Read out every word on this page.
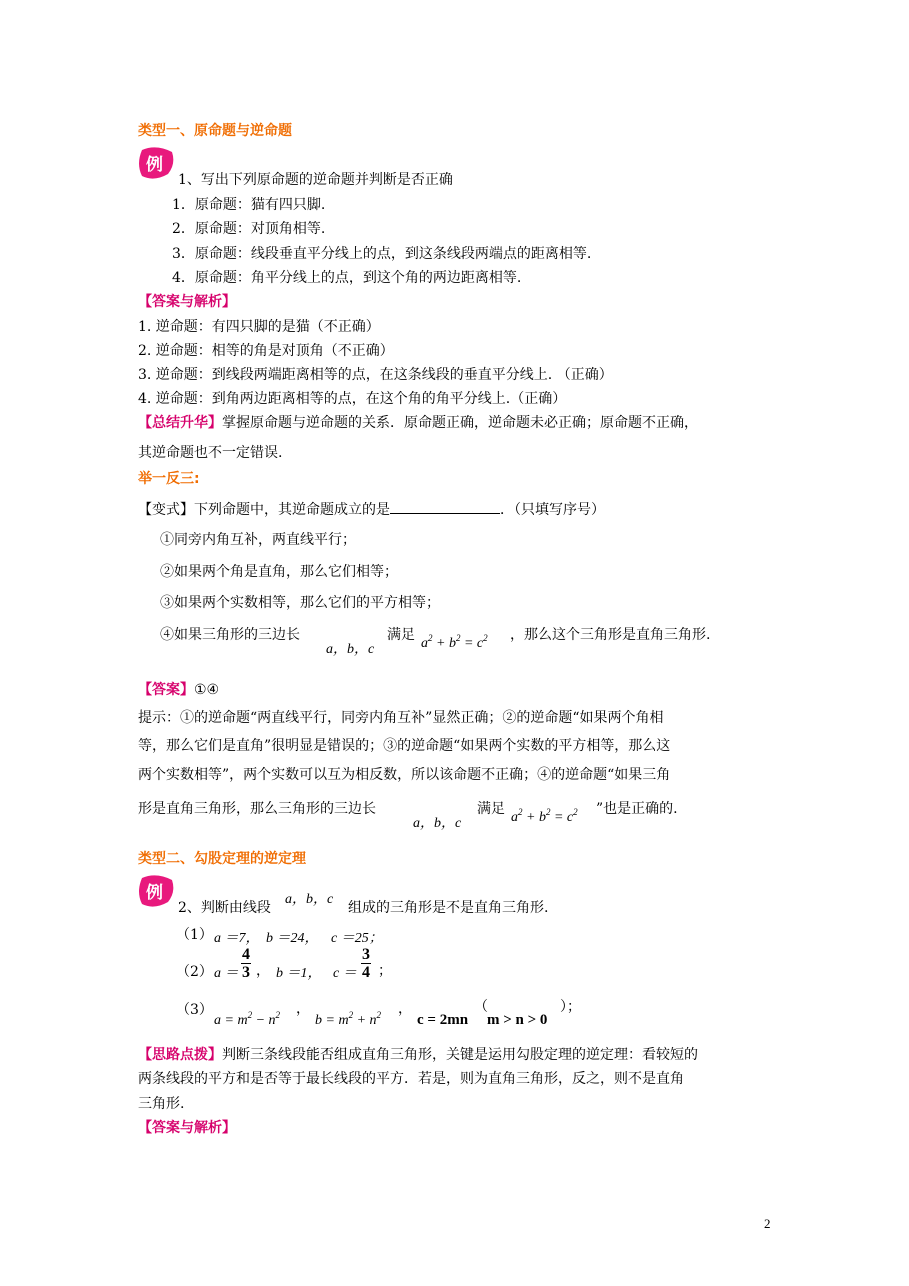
类型一、原命题与逆命题
例
1、写出下列原命题的逆命题并判断是否正确
1．原命题：猫有四只脚.
2．原命题：对顶角相等.
3．原命题：线段垂直平分线上的点，到这条线段两端点的距离相等.
4．原命题：角平分线上的点，到这个角的两边距离相等.
【答案与解析】
1. 逆命题：有四只脚的是猫（不正确）
2. 逆命题：相等的角是对顶角（不正确）
3. 逆命题：到线段两端距离相等的点，在这条线段的垂直平分线上. （正确）
4. 逆命题：到角两边距离相等的点，在这个角的角平分线上.（正确）
【总结升华】掌握原命题与逆命题的关系．原命题正确，逆命题未必正确；原命题不正确，
其逆命题也不一定错误.
举一反三:
【变式】下列命题中，其逆命题成立的是	．（只填写序号）
①同旁内角互补，两直线平行；
②如果两个角是直角，那么它们相等；
③如果两个实数相等，那么它们的平方相等；
④如果三角形的三边长
a，b，c
满足
$a^2 + b^2 = c^2$ ，那么这个三角形是直角三角形.
【答案】①④
提示：①的逆命题“两直线平行，同旁内角互补”显然正确；②的逆命题“如果两个角相
等，那么它们是直角”很明显是错误的；③的逆命题“如果两个实数的平方相等，那么这
两个实数相等”，两个实数可以互为相反数，所以该命题不正确；④的逆命题“如果三角
形是直角三角形，那么三角形的三边长
a，b，c
满足
$a^2 + b^2 = c^2$ ”也是正确的.
类型二、勾股定理的逆定理
例
2、判断由线段
a，b，c
组成的三角形是不是直角三角形.
（1） a ＝7， b ＝24， c ＝25；
（2） $a = \frac{4}{3}$ ， b ＝1， $c = \frac{3}{4}$ ；
（3）
$a = m^2 - n^2$ ，
$b = m^2 + n^2$ ，
c = 2mn
（
m > n > 0
）；
【思路点拨】判断三条线段能否组成直角三角形，关键是运用勾股定理的逆定理：看较短的
两条线段的平方和是否等于最长线段的平方．若是，则为直角三角形，反之，则不是直角
三角形.
【答案与解析】
2
